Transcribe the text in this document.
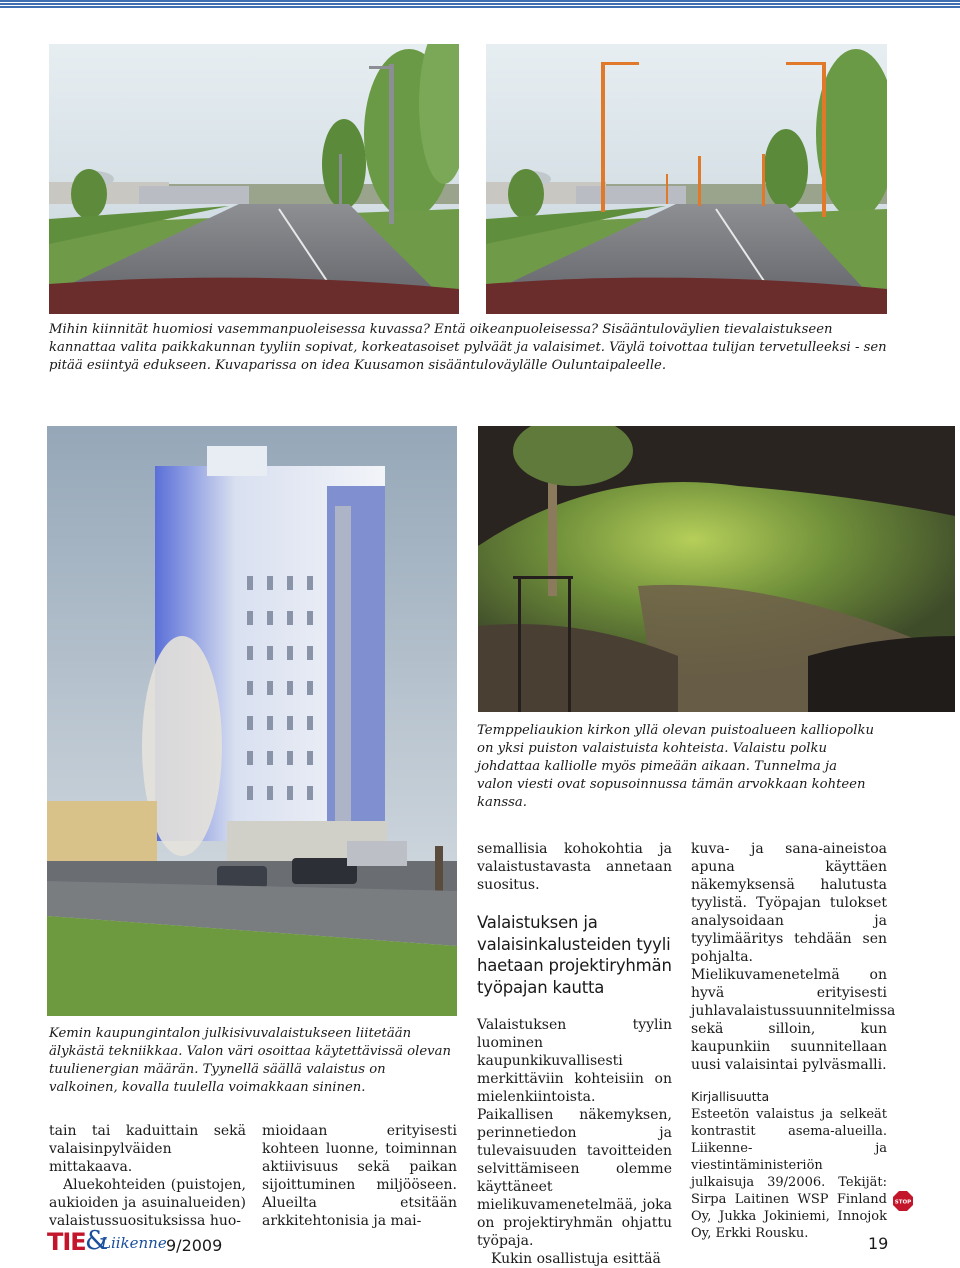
Mihin kiinnität huomiosi vasemmanpuoleisessa kuvassa? Entä oikeanpuoleisessa? Sisääntuloväylien tievalaistukseen kannattaa valita paikkakunnan tyyliin sopivat, korkeatasoiset pylväät ja valaisimet. Väylä toivottaa tulijan tervetulleeksi - sen pitää esiintyä edukseen. Kuvaparissa on idea Kuusamon sisääntuloväylälle Ouluntaipaleelle.

Kemin kaupungintalon julkisivuvalaistukseen liitetään älykästä tekniikkaa. Valon väri osoittaa käytettävissä olevan tuulienergian määrän. Tyynellä säällä valaistus on valkoinen, kovalla tuulella voimakkaan sininen.

Temppeliaukion kirkon yllä olevan puistoalueen kalliopolku on yksi puiston valaistuista kohteista. Valaistu polku johdattaa kalliolle myös pimeään aikaan. Tunnelma ja valon viesti ovat sopusoinnussa tämän arvokkaan kohteen kanssa.

tain tai kaduittain sekä valaisinpylväiden mittakaava.

Aluekohteiden (puistojen, aukioiden ja asuinalueiden) valaistussuosituksissa huo-

mioidaan erityisesti kohteen luonne, toiminnan aktiivisuus sekä paikan sijoittuminen miljööseen. Alueilta etsitään arkkitehtonisia ja mai-

semallisia kohokohtia ja valaistustavasta annetaan suositus.

Valaistuksen ja valaisinkalusteiden tyyli haetaan projektiryhmän työpajan kautta

Valaistuksen tyylin luominen kaupunkikuvallisesti merkittäviin kohteisiin on mielenkiintoista. Paikallisen näkemyksen, perinnetiedon ja tulevaisuuden tavoitteiden selvittämiseen olemme käyttäneet mielikuvamenetelmää, joka on projektiryhmän ohjattu työpaja.

Kukin osallistuja esittää

kuva- ja sana-aineistoa apuna käyttäen näkemyksensä halutusta tyylistä. Työpajan tulokset analysoidaan ja tyylimääritys tehdään sen pohjalta. Mielikuvamenetelmä on hyvä erityisesti juhlavalaistussuunnitelmissa sekä silloin, kun kaupunkiin suunnitellaan uusi valaisintai pylväsmalli.

Kirjallisuutta

Esteetön valaistus ja selkeät kontrastit asema-alueilla. Liikenne- ja viestintäministeriön julkaisuja 39/2006. Tekijät: Sirpa Laitinen WSP Finland Oy, Jukka Jokiniemi, Innojok Oy, Erkki Rousku.

STOP
TIE &
Liikenne 9/2009	19
